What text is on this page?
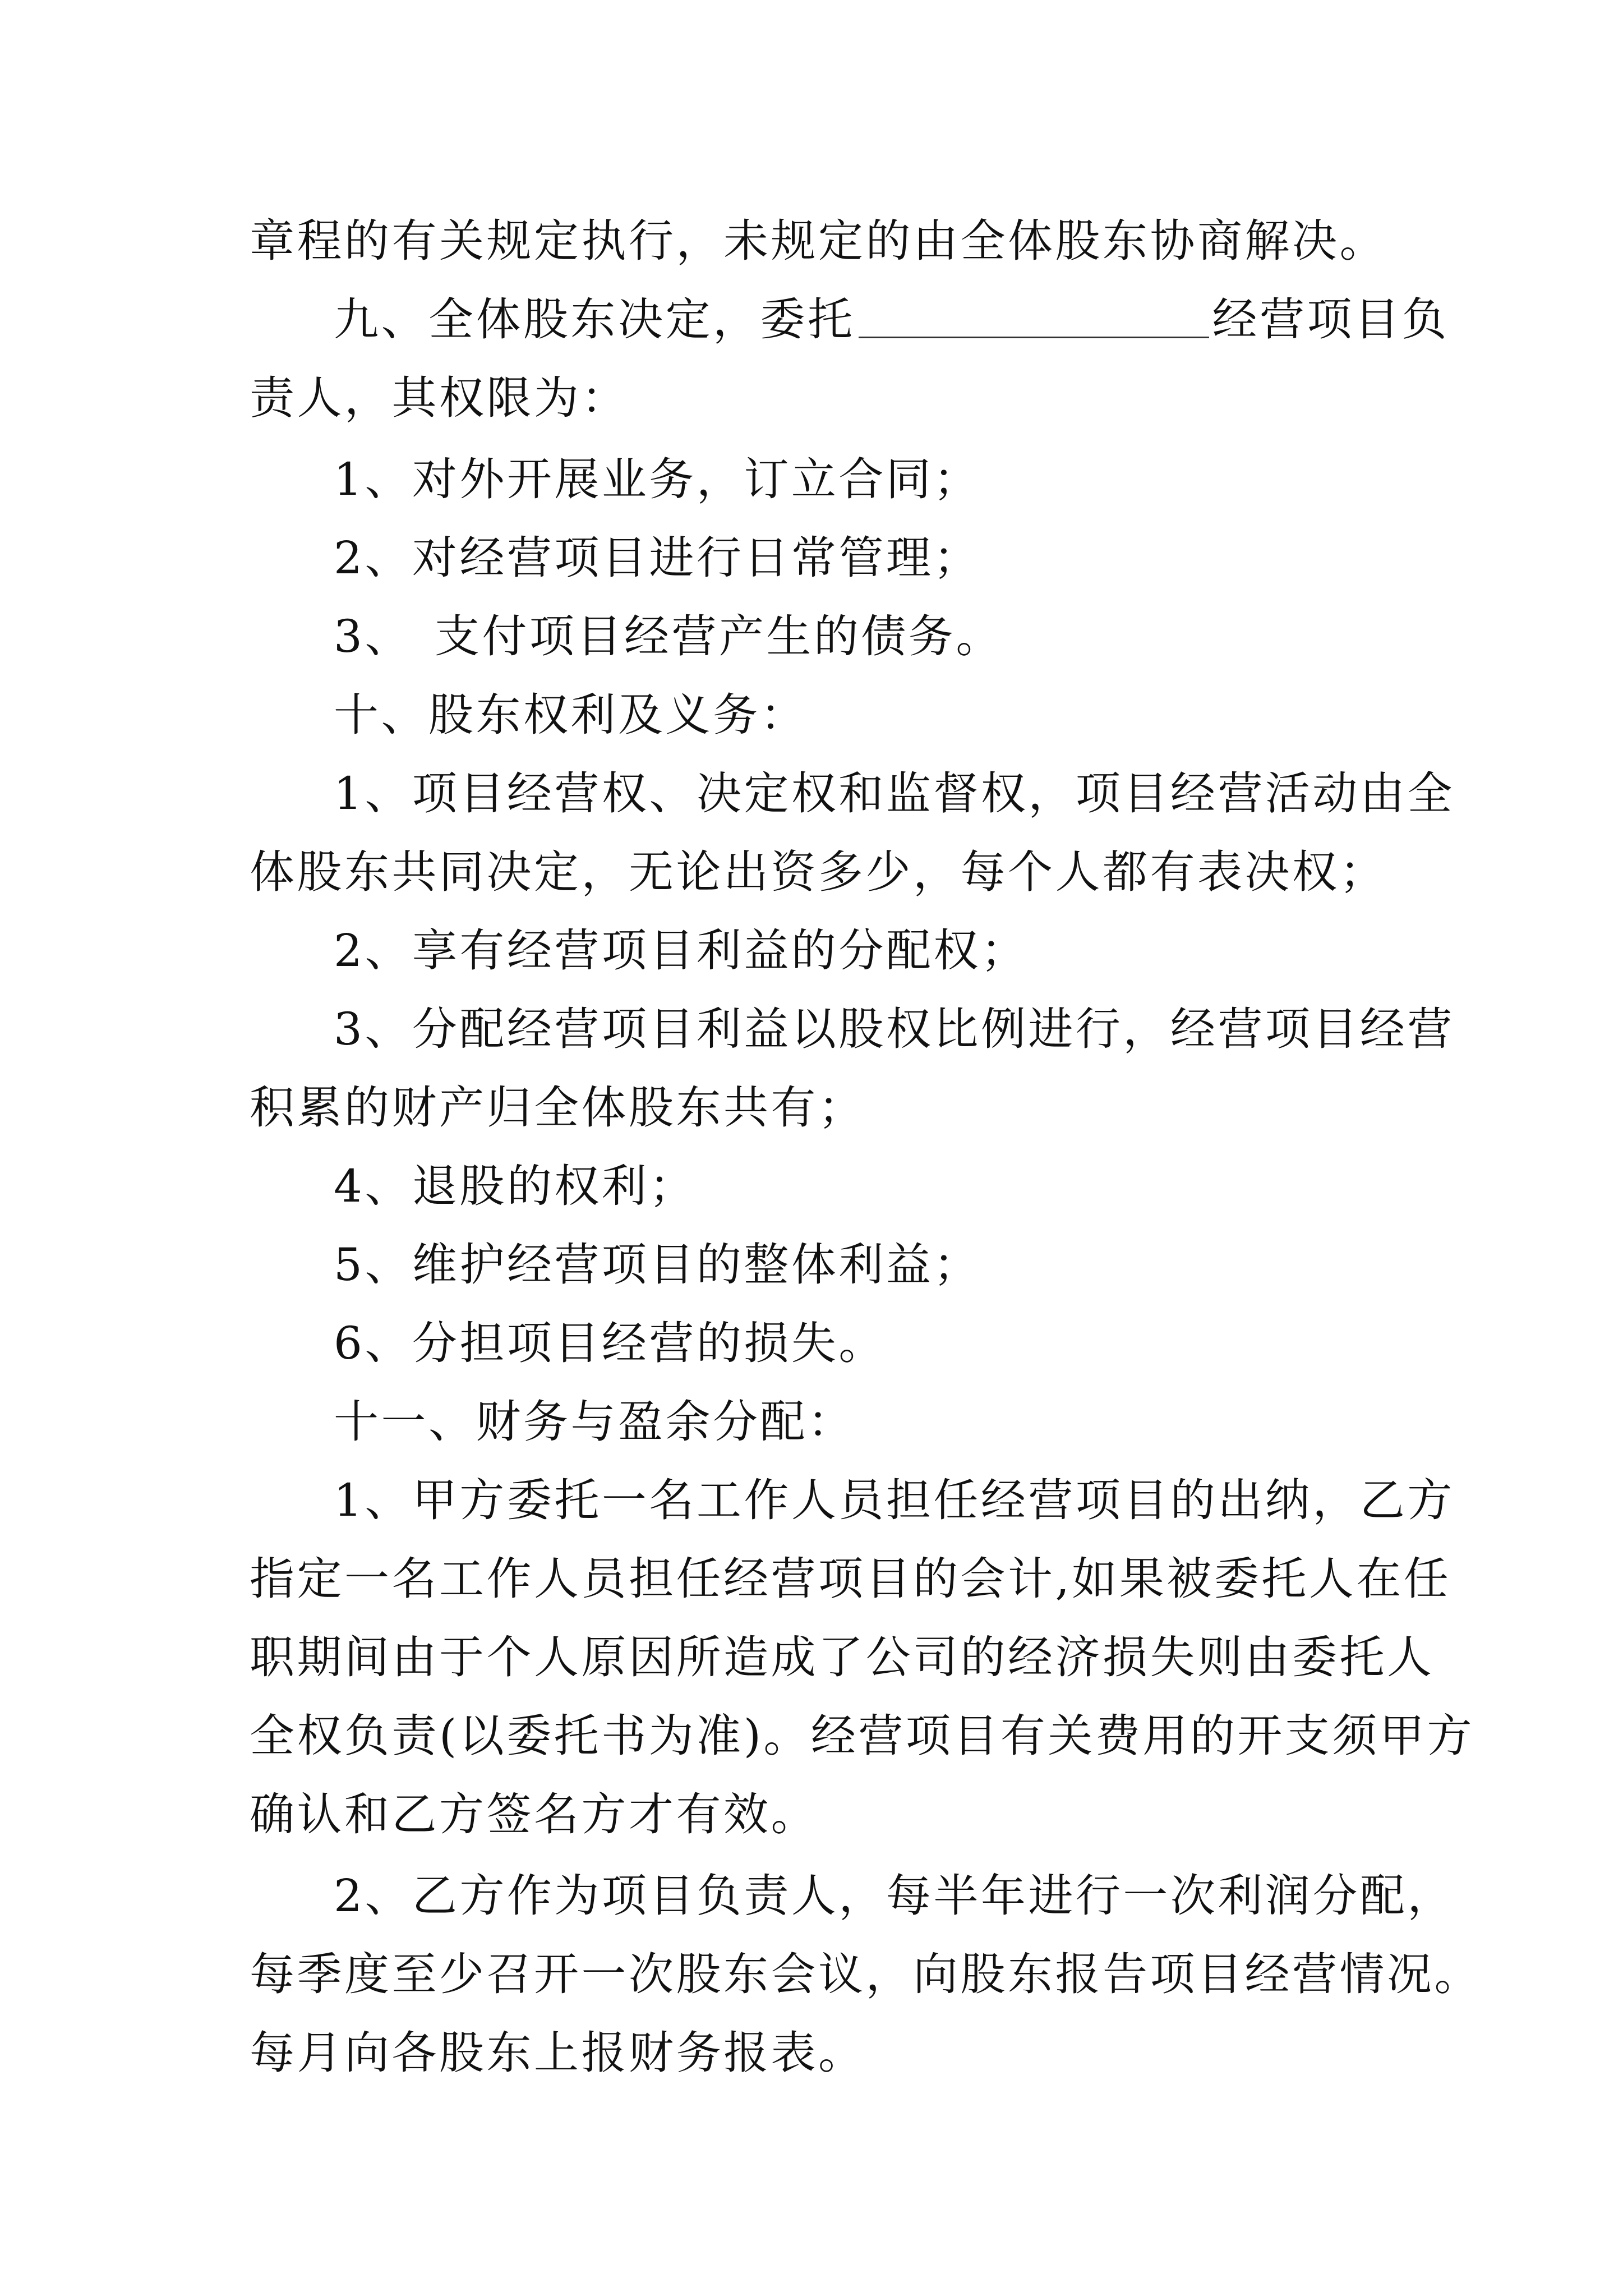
章程的有关规定执行，未规定的由全体股东协商解决。
九、全体股东决定，委托	经营项目负
责人，其权限为：
1、对外开展业务，订立合同；
2、对经营项目进行日常管理；
3、 支付项目经营产生的债务。
十、股东权利及义务：
1、项目经营权、决定权和监督权，项目经营活动由全
体股东共同决定，无论出资多少，每个人都有表决权；
2、享有经营项目利益的分配权；
3、分配经营项目利益以股权比例进行，经营项目经营
积累的财产归全体股东共有；
4、退股的权利；
5、维护经营项目的整体利益；
6、分担项目经营的损失。
十一、财务与盈余分配：
1、甲方委托一名工作人员担任经营项目的出纳，乙方
指定一名工作人员担任经营项目的会计,如果被委托人在任
职期间由于个人原因所造成了公司的经济损失则由委托人
全权负责(以委托书为准)。经营项目有关费用的开支须甲方
确认和乙方签名方才有效。
2、乙方作为项目负责人，每半年进行一次利润分配，
每季度至少召开一次股东会议，向股东报告项目经营情况。
每月向各股东上报财务报表。
